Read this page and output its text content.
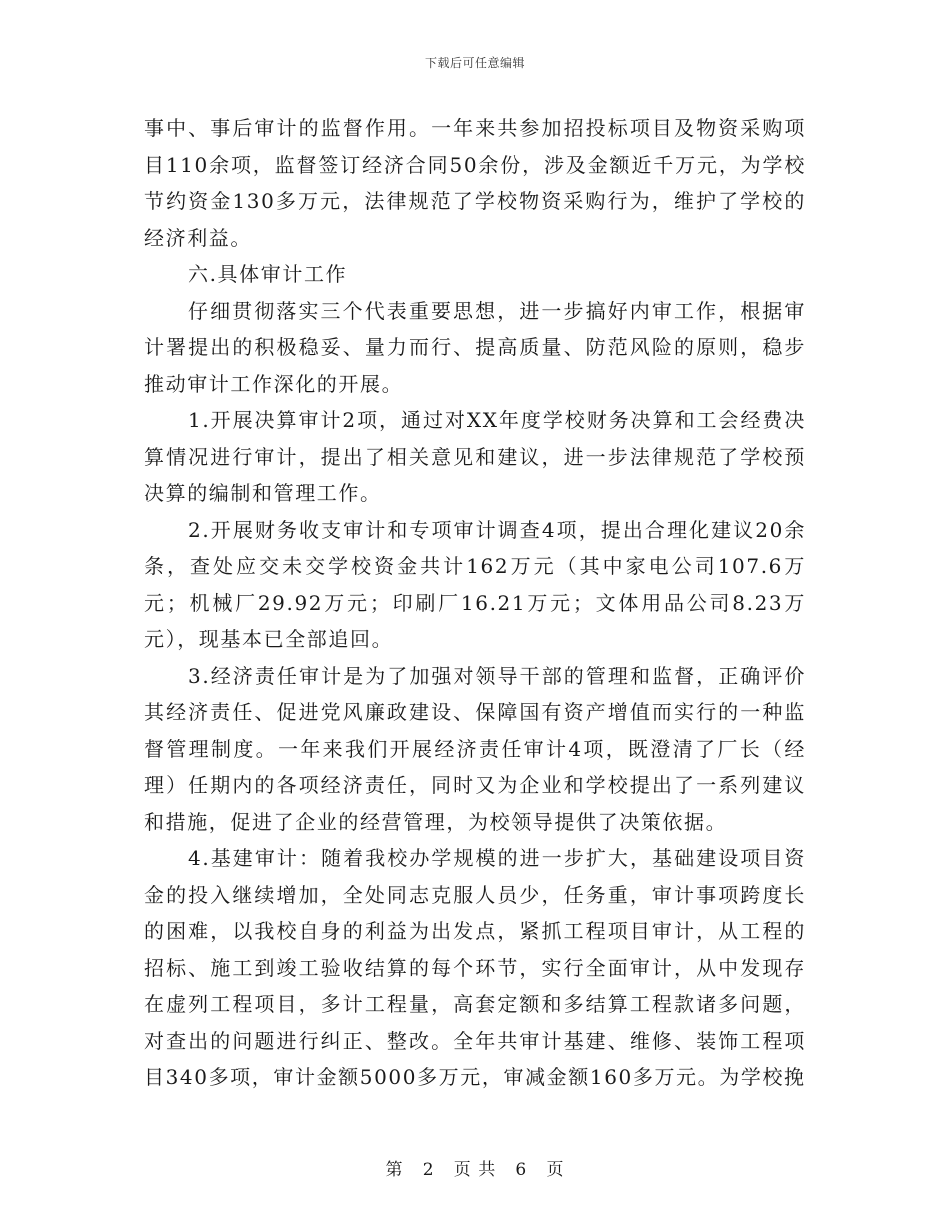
下载后可任意编辑

事中、事后审计的监督作用。一年来共参加招投标项目及物资采购项目110余项，监督签订经济合同50余份，涉及金额近千万元，为学校节约资金130多万元，法律规范了学校物资采购行为，维护了学校的经济利益。

六.具体审计工作

仔细贯彻落实三个代表重要思想，进一步搞好内审工作，根据审计署提出的积极稳妥、量力而行、提高质量、防范风险的原则，稳步推动审计工作深化的开展。

1.开展决算审计2项，通过对XX年度学校财务决算和工会经费决算情况进行审计，提出了相关意见和建议，进一步法律规范了学校预决算的编制和管理工作。

2.开展财务收支审计和专项审计调查4项，提出合理化建议20余条，查处应交未交学校资金共计162万元（其中家电公司107.6万元；机械厂29.92万元；印刷厂16.21万元；文体用品公司8.23万元），现基本已全部追回。

3.经济责任审计是为了加强对领导干部的管理和监督，正确评价其经济责任、促进党风廉政建设、保障国有资产增值而实行的一种监督管理制度。一年来我们开展经济责任审计4项，既澄清了厂长（经理）任期内的各项经济责任，同时又为企业和学校提出了一系列建议和措施，促进了企业的经营管理，为校领导提供了决策依据。

4.基建审计：随着我校办学规模的进一步扩大，基础建设项目资金的投入继续增加，全处同志克服人员少，任务重，审计事项跨度长的困难，以我校自身的利益为出发点，紧抓工程项目审计，从工程的招标、施工到竣工验收结算的每个环节，实行全面审计，从中发现存在虚列工程项目，多计工程量，高套定额和多结算工程款诸多问题，对查出的问题进行纠正、整改。全年共审计基建、维修、装饰工程项目340多项，审计金额5000多万元，审减金额160多万元。为学校挽

第 2 页 共 6 页
